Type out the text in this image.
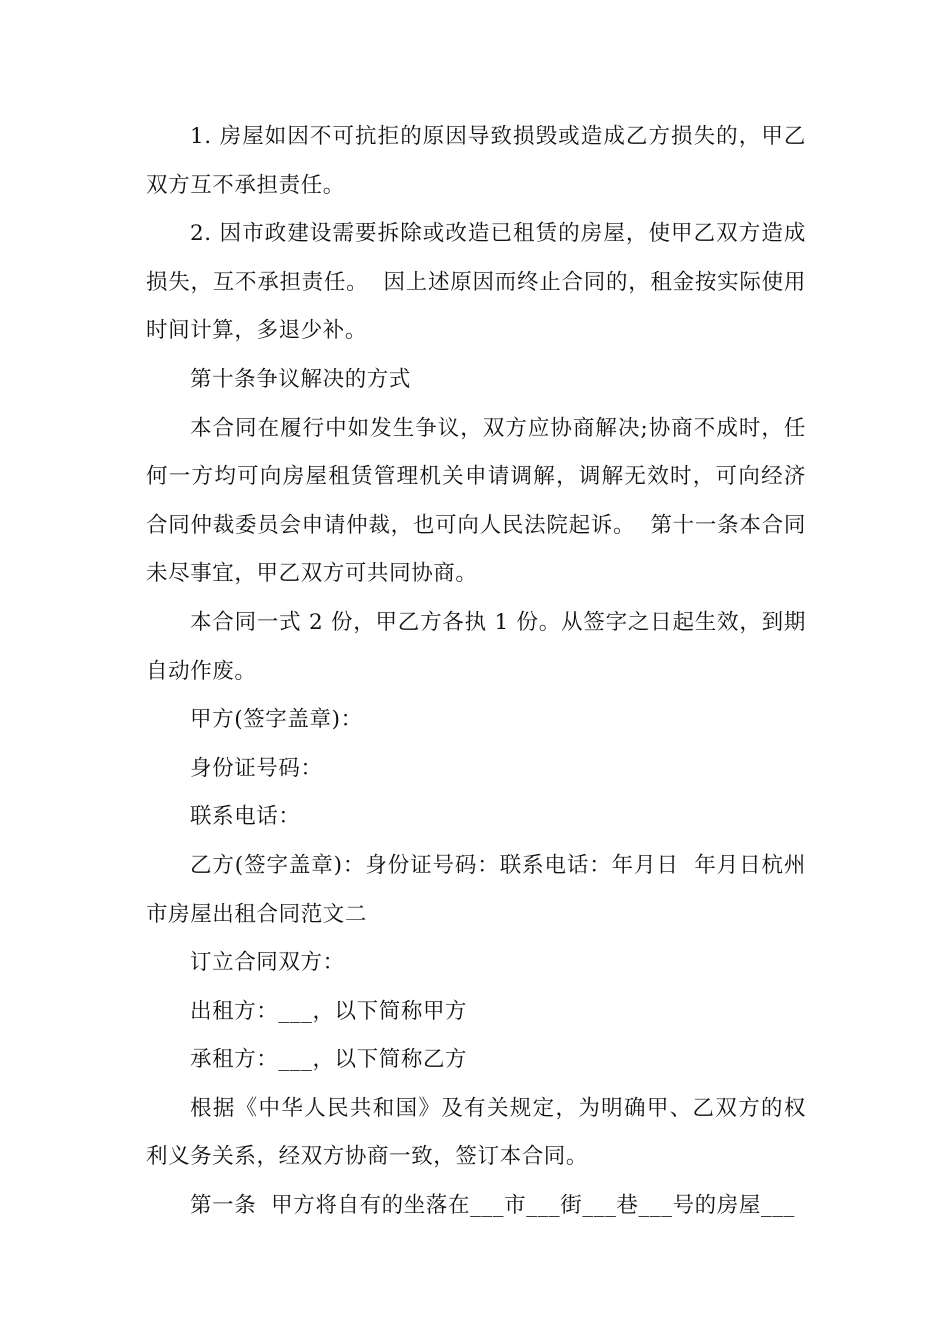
1. 房屋如因不可抗拒的原因导致损毁或造成乙方损失的，甲乙双方互不承担责任。

2. 因市政建设需要拆除或改造已租赁的房屋，使甲乙双方造成损失，互不承担责任。  因上述原因而终止合同的，租金按实际使用时间计算，多退少补。

第十条争议解决的方式

本合同在履行中如发生争议，双方应协商解决;协商不成时，任何一方均可向房屋租赁管理机关申请调解，调解无效时，可向经济合同仲裁委员会申请仲裁，也可向人民法院起诉。  第十一条本合同未尽事宜，甲乙双方可共同协商。

本合同一式 2 份，甲乙方各执 1 份。从签字之日起生效，到期自动作废。

甲方(签字盖章)：

身份证号码：

联系电话：

乙方(签字盖章)：身份证号码：联系电话：年月日  年月日杭州市房屋出租合同范文二

订立合同双方：

出租方：___，以下简称甲方

承租方：___，以下简称乙方

根据《中华人民共和国》及有关规定，为明确甲、乙双方的权利义务关系，经双方协商一致，签订本合同。

第一条  甲方将自有的坐落在___市___街___巷___号的房屋___
